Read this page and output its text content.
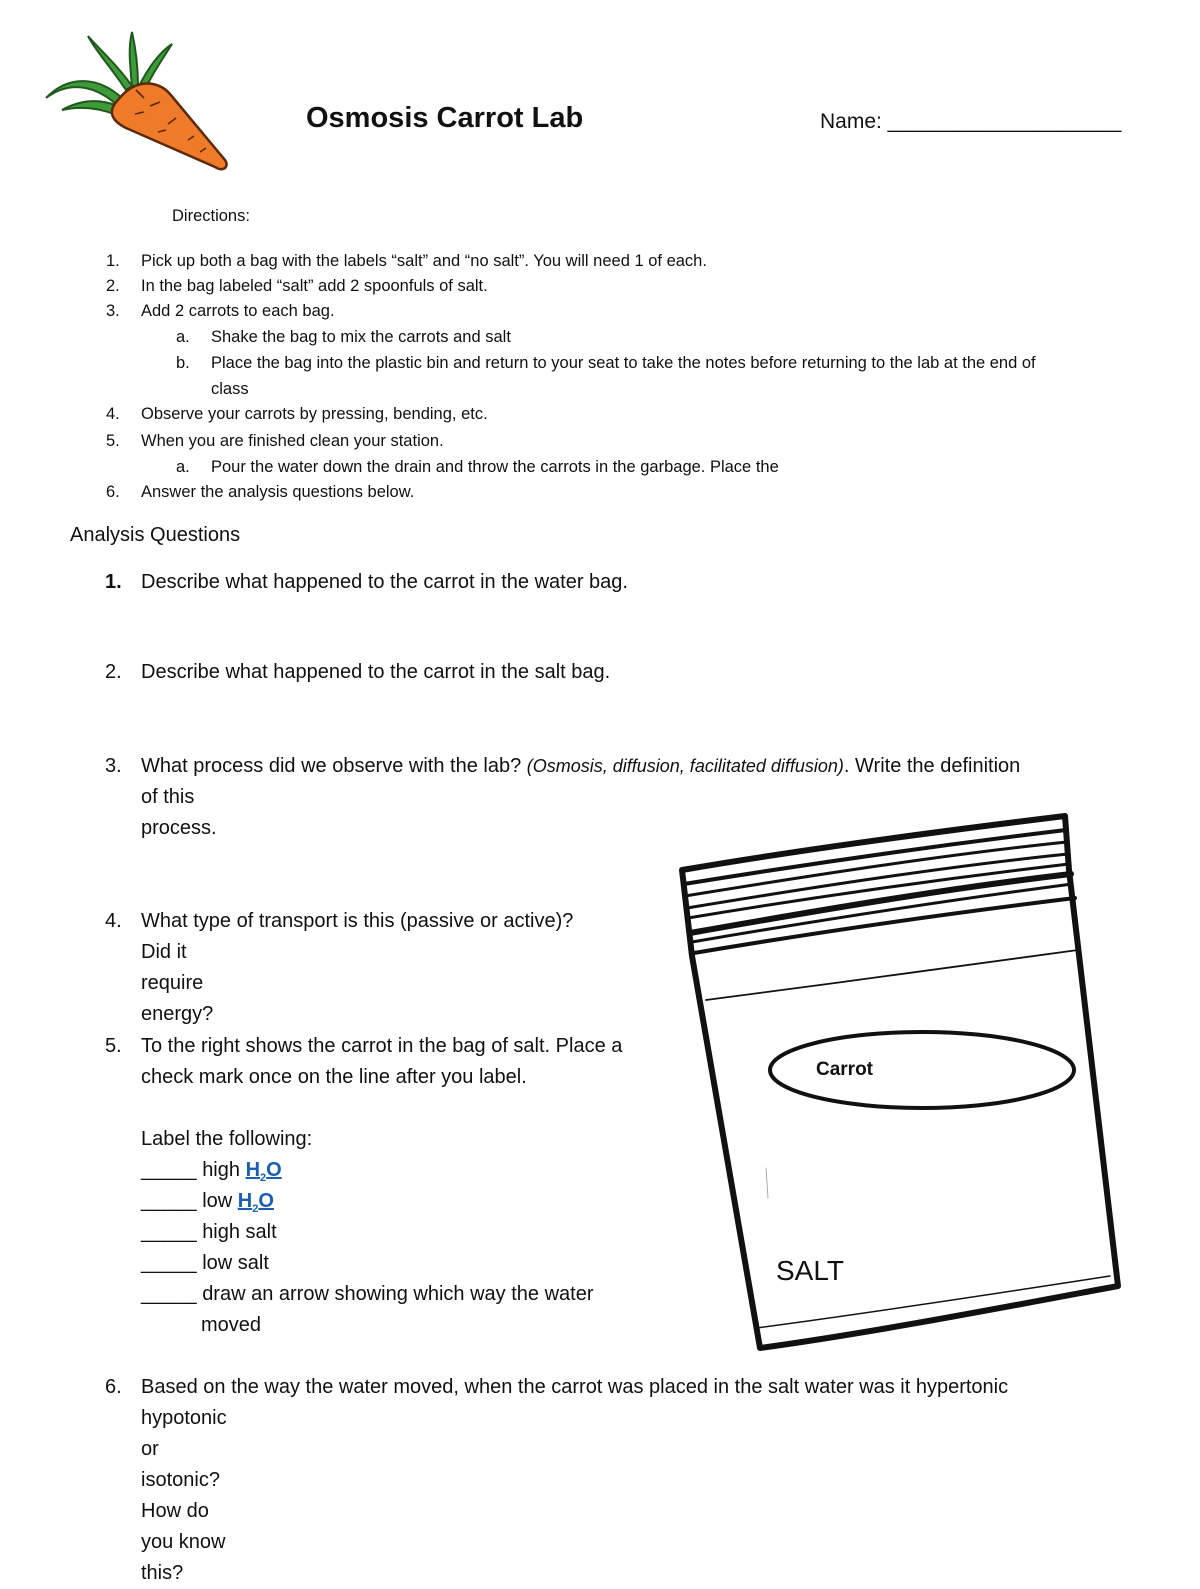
Osmosis Carrot Lab	Name: ____________________
Directions:
1. Pick up both a bag with the labels “salt” and “no salt”. You will need 1 of each.
2. In the bag labeled “salt” add 2 spoonfuls of salt.
3. Add 2 carrots to each bag.
a. Shake the bag to mix the carrots and salt
b. Place the bag into the plastic bin and return to your seat to take the notes before returning to the lab at the end of
class
4. Observe your carrots by pressing, bending, etc.
5. When you are finished clean your station.
a. Pour the water down the drain and throw the carrots in the garbage. Place the
6. Answer the analysis questions below.
Analysis Questions
1. Describe what happened to the carrot in the water bag.
2. Describe what happened to the carrot in the salt bag.
3. What process did we observe with the lab? (Osmosis, diffusion, facilitated diffusion). Write the definition
of this process.
4. What type of transport is this (passive or active)?
Did it require energy?
5. To the right shows the carrot in the bag of salt. Place a
check mark once on the line after you label.
Label the following:
_____ high $H_2O$
_____ low $H_2O$
_____ high salt
_____ low salt
_____ draw an arrow showing which way the water
moved
6. Based on the way the water moved, when the carrot was placed in the salt water was it hypertonic
hypotonic or isotonic? How do you know this?
Carrot
SALT
